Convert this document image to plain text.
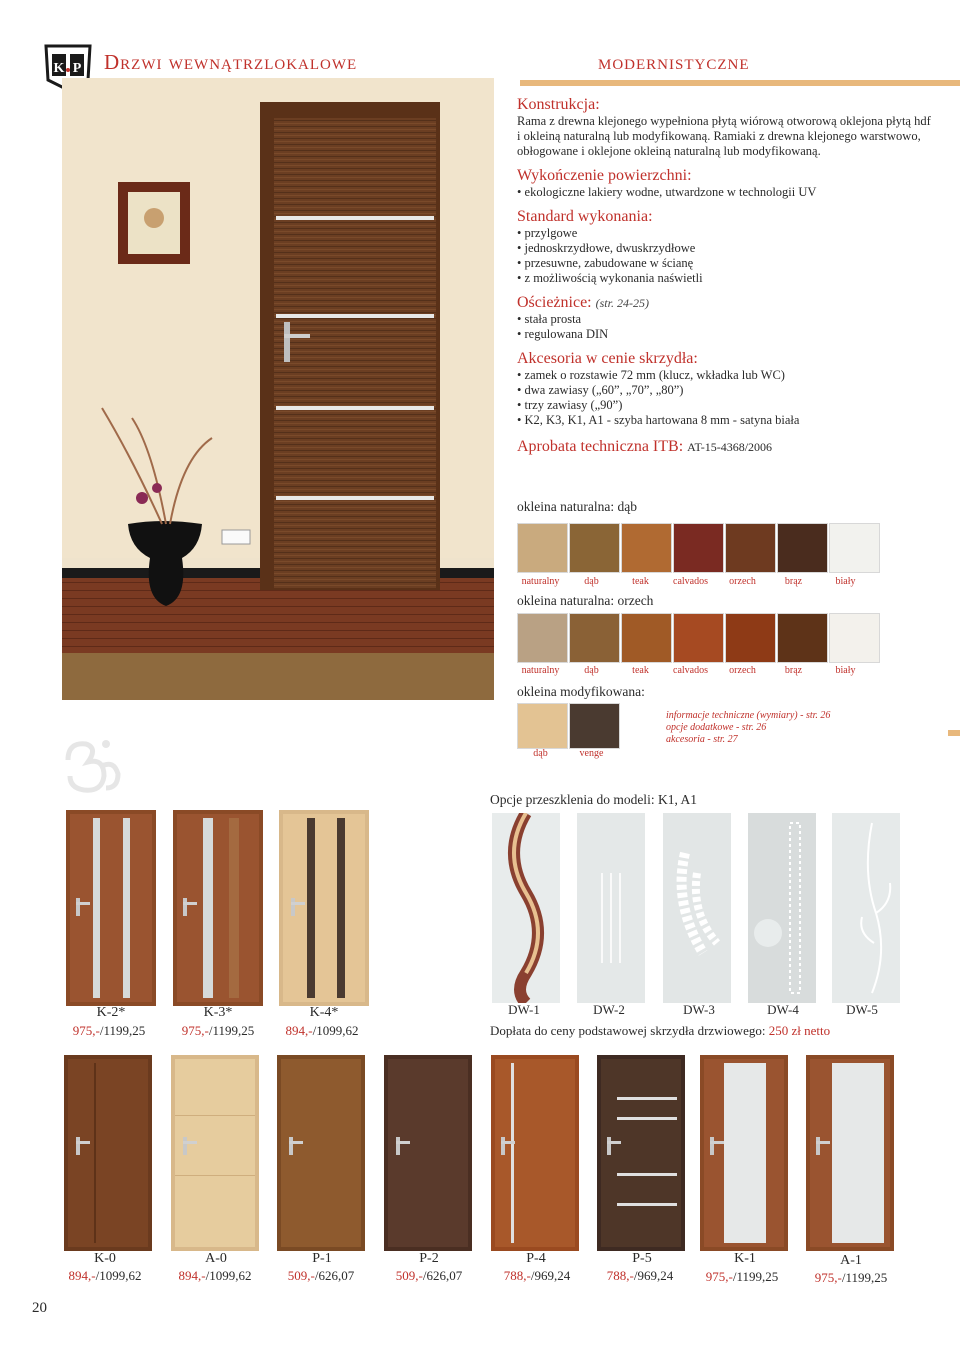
K P Drzwi wewnątrzlokalowe	modernistyczne
Konstrukcja:
Rama z drewna klejonego wypełniona płytą wiórową otworową oklejona płytą hdf i okleiną naturalną lub modyfikowaną. Ramiaki z drewna klejonego warstwowo, obłogowane i oklejone okleiną naturalną lub modyfikowaną.
Wykończenie powierzchni:
• ekologiczne lakiery wodne, utwardzone w technologii UV
Standard wykonania:
• przylgowe
• jednoskrzydłowe, dwuskrzydłowe
• przesuwne, zabudowane w ścianę
• z możliwością wykonania naświetli
Ościeżnice: (str. 24-25)
• stała prosta
• regulowana DIN
Akcesoria w cenie skrzydła:
• zamek o rozstawie 72 mm (klucz, wkładka lub WC)
• dwa zawiasy („60”, „70”, „80”)
• trzy zawiasy („90”)
• K2, K3, K1, A1 - szyba hartowana 8 mm - satyna biała
Aprobata techniczna ITB: AT-15-4368/2006
okleina naturalna: dąb
naturalny	dąb	teak	calvados	orzech	brąz	biały
okleina naturalna: orzech
naturalny	dąb	teak	calvados	orzech	brąz	biały
okleina modyfikowana:
dąb	venge
informacje techniczne (wymiary) - str. 26
opcje dodatkowe - str. 26
akcesoria - str. 27
Opcje przeszklenia do modeli: K1, A1
DW-1	DW-2	DW-3	DW-4	DW-5
Dopłata do ceny podstawowej skrzydła drzwiowego: 250 zł netto
K-2*	K-3*	K-4*
975,-/1199,25	975,-/1199,25	894,-/1099,62
K-0	A-0	P-1	P-2	P-4	P-5	K-1	A-1
894,-/1099,62	894,-/1099,62	509,-/626,07	509,-/626,07	788,-/969,24	788,-/969,24	975,-/1199,25	975,-/1199,25
20
